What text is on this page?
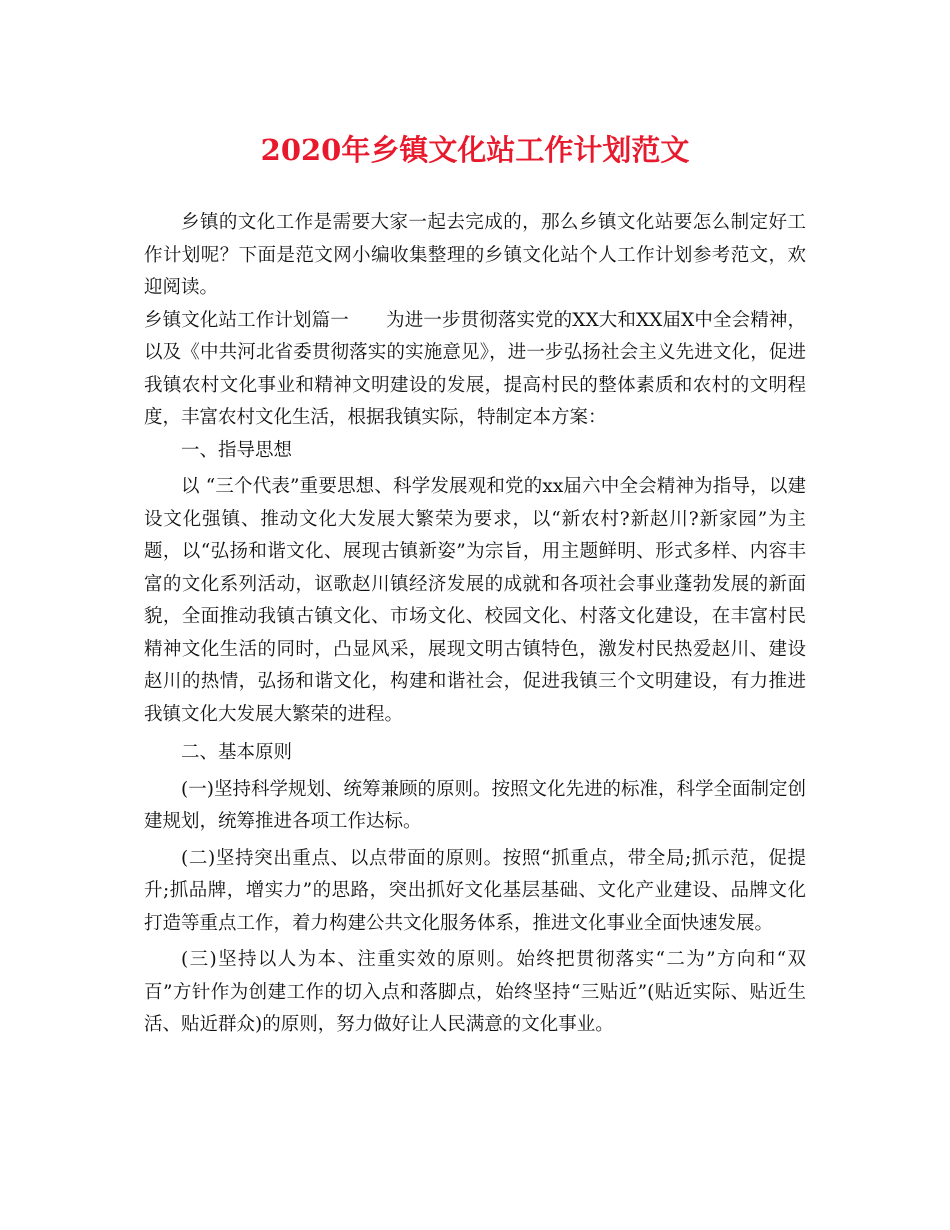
2020年乡镇文化站工作计划范文

乡镇的文化工作是需要大家一起去完成的，那么乡镇文化站要怎么制定好工作计划呢？下面是范文网小编收集整理的乡镇文化站个人工作计划参考范文，欢迎阅读。

乡镇文化站工作计划篇一　　为进一步贯彻落实党的XX大和XX届X中全会精神，以及《中共河北省委贯彻落实的实施意见》，进一步弘扬社会主义先进文化，促进我镇农村文化事业和精神文明建设的发展，提高村民的整体素质和农村的文明程度，丰富农村文化生活，根据我镇实际，特制定本方案：

一、指导思想

以 “三个代表”重要思想、科学发展观和党的xx届六中全会精神为指导，以建设文化强镇、推动文化大发展大繁荣为要求，以“新农村?新赵川?新家园”为主题，以“弘扬和谐文化、展现古镇新姿”为宗旨，用主题鲜明、形式多样、内容丰富的文化系列活动，讴歌赵川镇经济发展的成就和各项社会事业蓬勃发展的新面貌，全面推动我镇古镇文化、市场文化、校园文化、村落文化建设，在丰富村民精神文化生活的同时，凸显风采，展现文明古镇特色，激发村民热爱赵川、建设赵川的热情，弘扬和谐文化，构建和谐社会，促进我镇三个文明建设，有力推进我镇文化大发展大繁荣的进程。

二、基本原则

(一)坚持科学规划、统筹兼顾的原则。按照文化先进的标准，科学全面制定创建规划，统筹推进各项工作达标。

(二)坚持突出重点、以点带面的原则。按照“抓重点，带全局;抓示范，促提升;抓品牌，增实力”的思路，突出抓好文化基层基础、文化产业建设、品牌文化打造等重点工作，着力构建公共文化服务体系，推进文化事业全面快速发展。

(三)坚持以人为本、注重实效的原则。始终把贯彻落实“二为”方向和“双百”方针作为创建工作的切入点和落脚点，始终坚持“三贴近”(贴近实际、贴近生活、贴近群众)的原则，努力做好让人民满意的文化事业。
